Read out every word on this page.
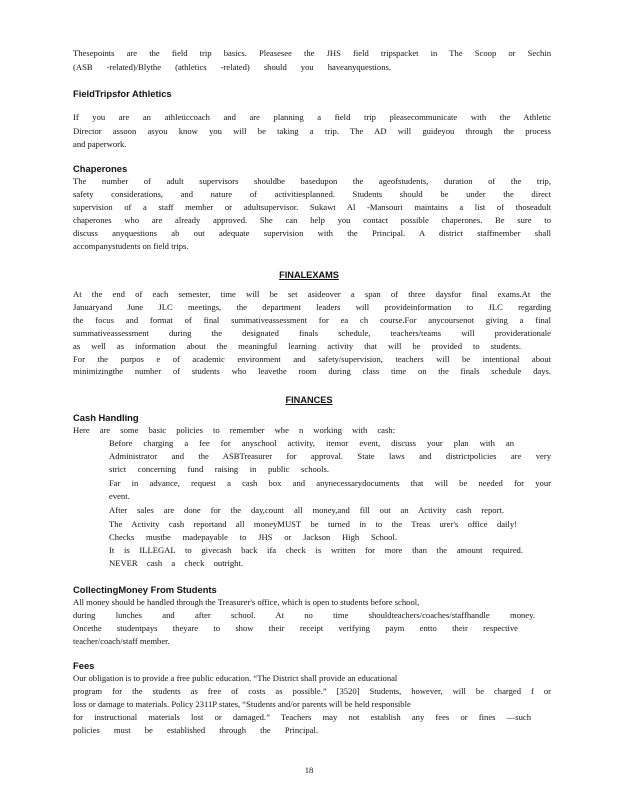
Thesepoints are the field trip basics. Pleasesee the JHS field tripspacket in The Scoop or Sechin
(ASB -related)/Blythe (athletics -related) should you haveanyquestions.
FieldTripsfor Athletics
If you are an athleticcoach and are planning a field trip pleasecommunicate with the Athletic
Director assoon asyou know you will be taking a trip. The AD will guideyou through the process
and paperwork.
Chaperones
The number of adult supervisors shouldbe basedupon the ageofstudents, duration of the trip,
safety considerations, and nature of activitiesplanned. Students should be under the direct
supervision of a staff member or adultsupervisor. Sukawt Al -Mansouri maintains a list of thoseadult
chaperones who are already approved. She can help you contact possible chaperones. Be sure to
discuss anyquestions ab out adequate supervision with the Principal. A district staffmember shall
accompanystudents on field trips.
FINALEXAMS
At the end of each semester, time will be set asideover a span of three daysfor final exams.At the
Januaryand June JLC meetings, the department leaders will provideinformation to JLC regarding
the focus and format of final summativeassessment for ea ch course.For anycoursenot giving a final
summativeassessment during the designated finals schedule, teachers/teams will providerationale
as well as information about the meaningful learning activity that will be provided to students.
For the purpos e of academic environment and safety/supervision, teachers will be intentional about
minimizingthe number of students who leavethe room during class time on the finals schedule days.
FINANCES
Cash Handling
Here are some basic policies to remember whe n working with cash:
Before charging a fee for anyschool activity, itemor event, discuss your plan with an
Administrator and the ASBTreasurer for approval. State laws and districtpolicies are very
strict concerning fund raising in public schools.
Far in advance, request a cash box and anynecessarydocuments that will be needed for your
event.
After sales are done for the day,count all money,and fill out an Activity cash report.
The Activity cash reportand all moneyMUST be turned in to the Treas urer's office daily!
Checks mustbe madepayable to JHS or Jackson High School.
It is ILLEGAL to givecash back ifa check is written for more than the amount required.
NEVER cash a check outright.
CollectingMoney From Students
All money should be handled through the Treasurer's office, which is open to students before school,
during lunches and after school. At no time shouldteachers/coaches/staffhandle money.
Oncethe studentpays theyare to show their receipt verifying paym entto their respective
teacher/coach/staff member.
Fees
Our obligation is to provide a free public education. “The District shall provide an educational
program for the students as free of costs as possible.” [3520] Students, however, will be charged f or
loss or damage to materials. Policy 2311P states, “Students and/or parents will be held responsible
for instructional materials lost or damaged.” Teachers may not establish any fees or fines —such
policies must be established through the Principal.
18
